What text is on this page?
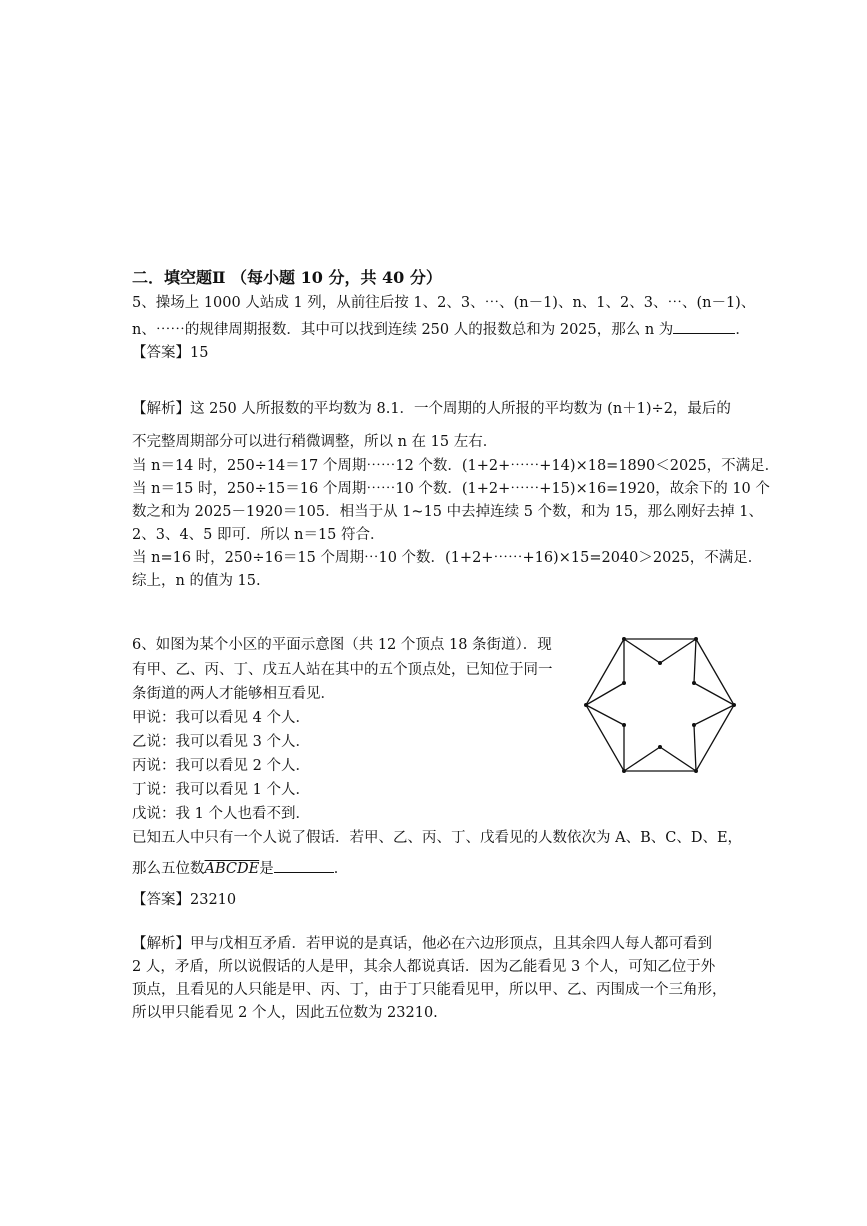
二．填空题Ⅱ （每小题 10 分，共 40 分）
5、操场上 1000 人站成 1 列，从前往后按 1、2、3、⋯、(n－1)、n、1、2、3、⋯、(n－1)、
n、⋯⋯的规律周期报数．其中可以找到连续 250 人的报数总和为 2025，那么 n 为	．
【答案】15
【解析】这 250 人所报数的平均数为 8.1．一个周期的人所报的平均数为 (n＋1)÷2，最后的
不完整周期部分可以进行稍微调整，所以 n 在 15 左右．
当 n＝14 时，250÷14＝17 个周期⋯⋯12 个数．(1+2+⋯⋯+14)×18=1890＜2025，不满足．
当 n＝15 时，250÷15＝16 个周期⋯⋯10 个数．(1+2+⋯⋯+15)×16=1920，故余下的 10 个
数之和为 2025－1920＝105．相当于从 1~15 中去掉连续 5 个数，和为 15，那么刚好去掉 1、
2、3、4、5 即可．所以 n＝15 符合．
当 n=16 时，250÷16＝15 个周期⋯10 个数．(1+2+⋯⋯+16)×15=2040＞2025，不满足．
综上，n 的值为 15.
6、如图为某个小区的平面示意图（共 12 个顶点 18 条街道）．现
有甲、乙、丙、丁、戊五人站在其中的五个顶点处，已知位于同一
条街道的两人才能够相互看见．
甲说：我可以看见 4 个人．
乙说：我可以看见 3 个人．
丙说：我可以看见 2 个人．
丁说：我可以看见 1 个人．
戊说：我 1 个人也看不到．
已知五人中只有一个人说了假话．若甲、乙、丙、丁、戊看见的人数依次为 A、B、C、D、E，
那么五位数ABCDE是	．
【答案】23210
【解析】甲与戊相互矛盾．若甲说的是真话，他必在六边形顶点，且其余四人每人都可看到
2 人，矛盾，所以说假话的人是甲，其余人都说真话．因为乙能看见 3 个人，可知乙位于外
顶点，且看见的人只能是甲、丙、丁，由于丁只能看见甲，所以甲、乙、丙围成一个三角形，
所以甲只能看见 2 个人，因此五位数为 23210.
